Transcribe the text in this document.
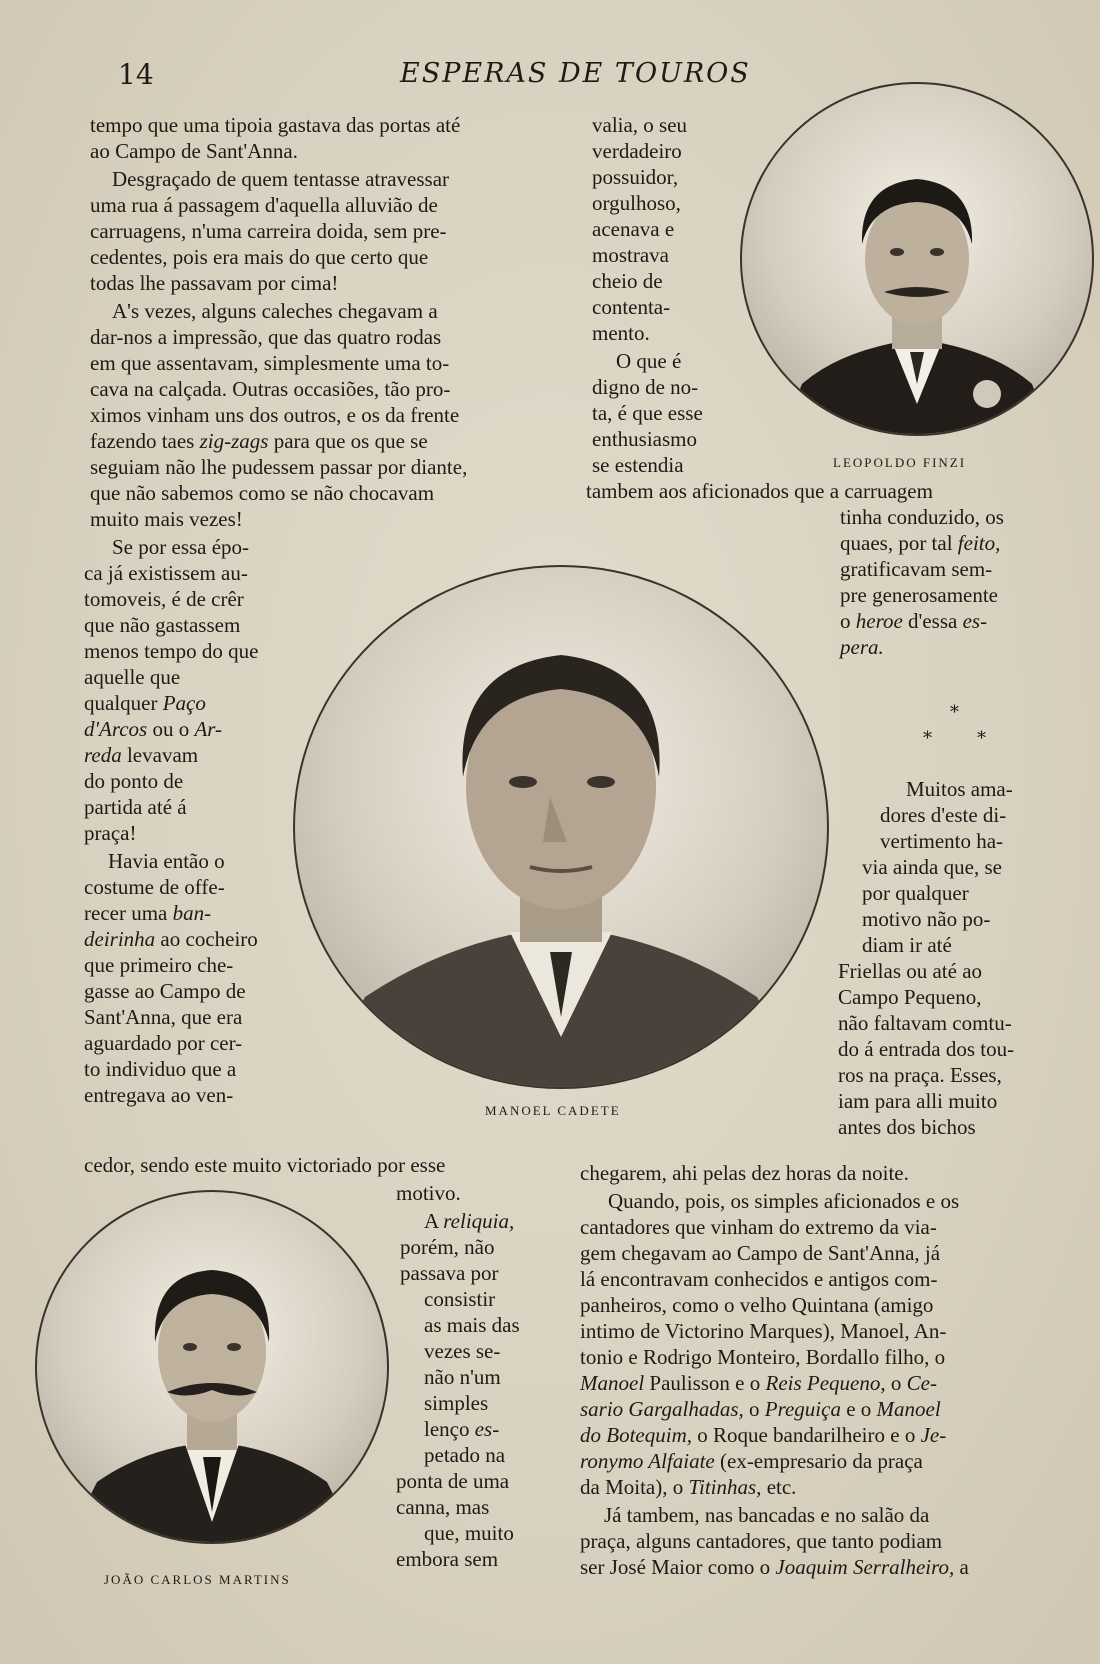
14	ESPERAS DE TOUROS
LEOPOLDO FINZI
MANOEL CADETE
JOÃO CARLOS MARTINS
*
*	*
tempo que uma tipoia gastava das portas até
ao Campo de Sant'Anna.
Desgraçado de quem tentasse atravessar
uma rua á passagem d'aquella alluvião de
carruagens, n'uma carreira doida, sem pre-
cedentes, pois era mais do que certo que
todas lhe passavam por cima!
A's vezes, alguns caleches chegavam a
dar-nos a impressão, que das quatro rodas
em que assentavam, simplesmente uma to-
cava na calçada. Outras occasiões, tão pro-
ximos vinham uns dos outros, e os da frente
fazendo taes zig-zags para que os que se
seguiam não lhe pudessem passar por diante,
que não sabemos como se não chocavam
muito mais vezes!
Se por essa épo-
ca já existissem au-
tomoveis, é de crêr
que não gastassem
menos tempo do que
aquelle que
qualquer Paço
d'Arcos ou o Ar-
reda levavam
do ponto de
partida até á
praça!
Havia então o
costume de offe-
recer uma ban-
deirinha ao cocheiro
que primeiro che-
gasse ao Campo de
Sant'Anna, que era
aguardado por cer-
to individuo que a
entregava ao ven-
cedor, sendo este muito victoriado por esse
motivo.
A reliquia,
porém, não
passava por
consistir
as mais das
vezes se-
não n'um
simples
lenço es-
petado na
ponta de uma
canna, mas
que, muito
embora sem
valia, o seu
verdadeiro
possuidor,
orgulhoso,
acenava e
mostrava
cheio de
contenta-
mento.
O que é
digno de no-
ta, é que esse
enthusiasmo
se estendia
tambem aos aficionados que a carruagem
tinha conduzido, os
quaes, por tal feito,
gratificavam sem-
pre generosamente
o heroe d'essa es-
pera.
Muitos ama-
dores d'este di-
vertimento ha-
via ainda que, se
por qualquer
motivo não po-
diam ir até
Friellas ou até ao
Campo Pequeno,
não faltavam comtu-
do á entrada dos tou-
ros na praça. Esses,
iam para alli muito
antes dos bichos
chegarem, ahi pelas dez horas da noite.
Quando, pois, os simples aficionados e os
cantadores que vinham do extremo da via-
gem chegavam ao Campo de Sant'Anna, já
lá encontravam conhecidos e antigos com-
panheiros, como o velho Quintana (amigo
intimo de Victorino Marques), Manoel, An-
tonio e Rodrigo Monteiro, Bordallo filho, o
Manoel Paulisson e o Reis Pequeno, o Ce-
sario Gargalhadas, o Preguiça e o Manoel
do Botequim, o Roque bandarilheiro e o Je-
ronymo Alfaiate (ex-empresario da praça
da Moita), o Titinhas, etc.
Já tambem, nas bancadas e no salão da
praça, alguns cantadores, que tanto podiam
ser José Maior como o Joaquim Serralheiro, a
